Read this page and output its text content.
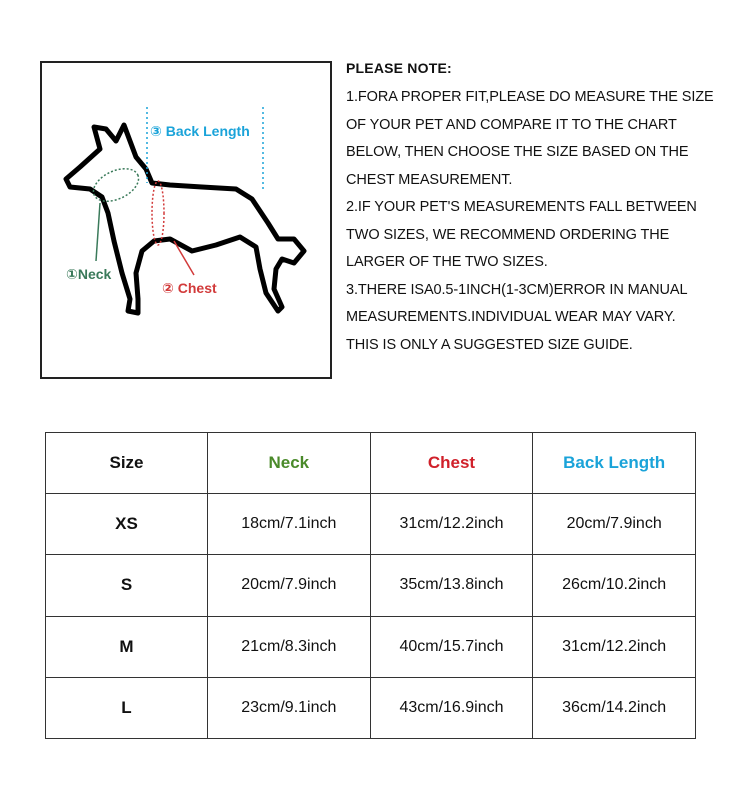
③ Back Length
①Neck
② Chest

PLEASE NOTE:

1.FORA PROPER FIT,PLEASE DO MEASURE THE SIZE

OF YOUR PET AND COMPARE IT TO THE CHART

BELOW, THEN CHOOSE THE SIZE BASED ON THE

CHEST MEASUREMENT.

2.IF YOUR PET'S MEASUREMENTS FALL BETWEEN

TWO SIZES, WE RECOMMEND ORDERING THE

LARGER OF THE TWO SIZES.

3.THERE ISA0.5-1INCH(1-3CM)ERROR IN MANUAL

MEASUREMENTS.INDIVIDUAL WEAR MAY VARY.

THIS IS ONLY A SUGGESTED SIZE GUIDE.

Size	Neck	Chest	Back Length
XS	18cm/7.1inch	31cm/12.2inch	20cm/7.9inch
S	20cm/7.9inch	35cm/13.8inch	26cm/10.2inch
M	21cm/8.3inch	40cm/15.7inch	31cm/12.2inch
L	23cm/9.1inch	43cm/16.9inch	36cm/14.2inch
